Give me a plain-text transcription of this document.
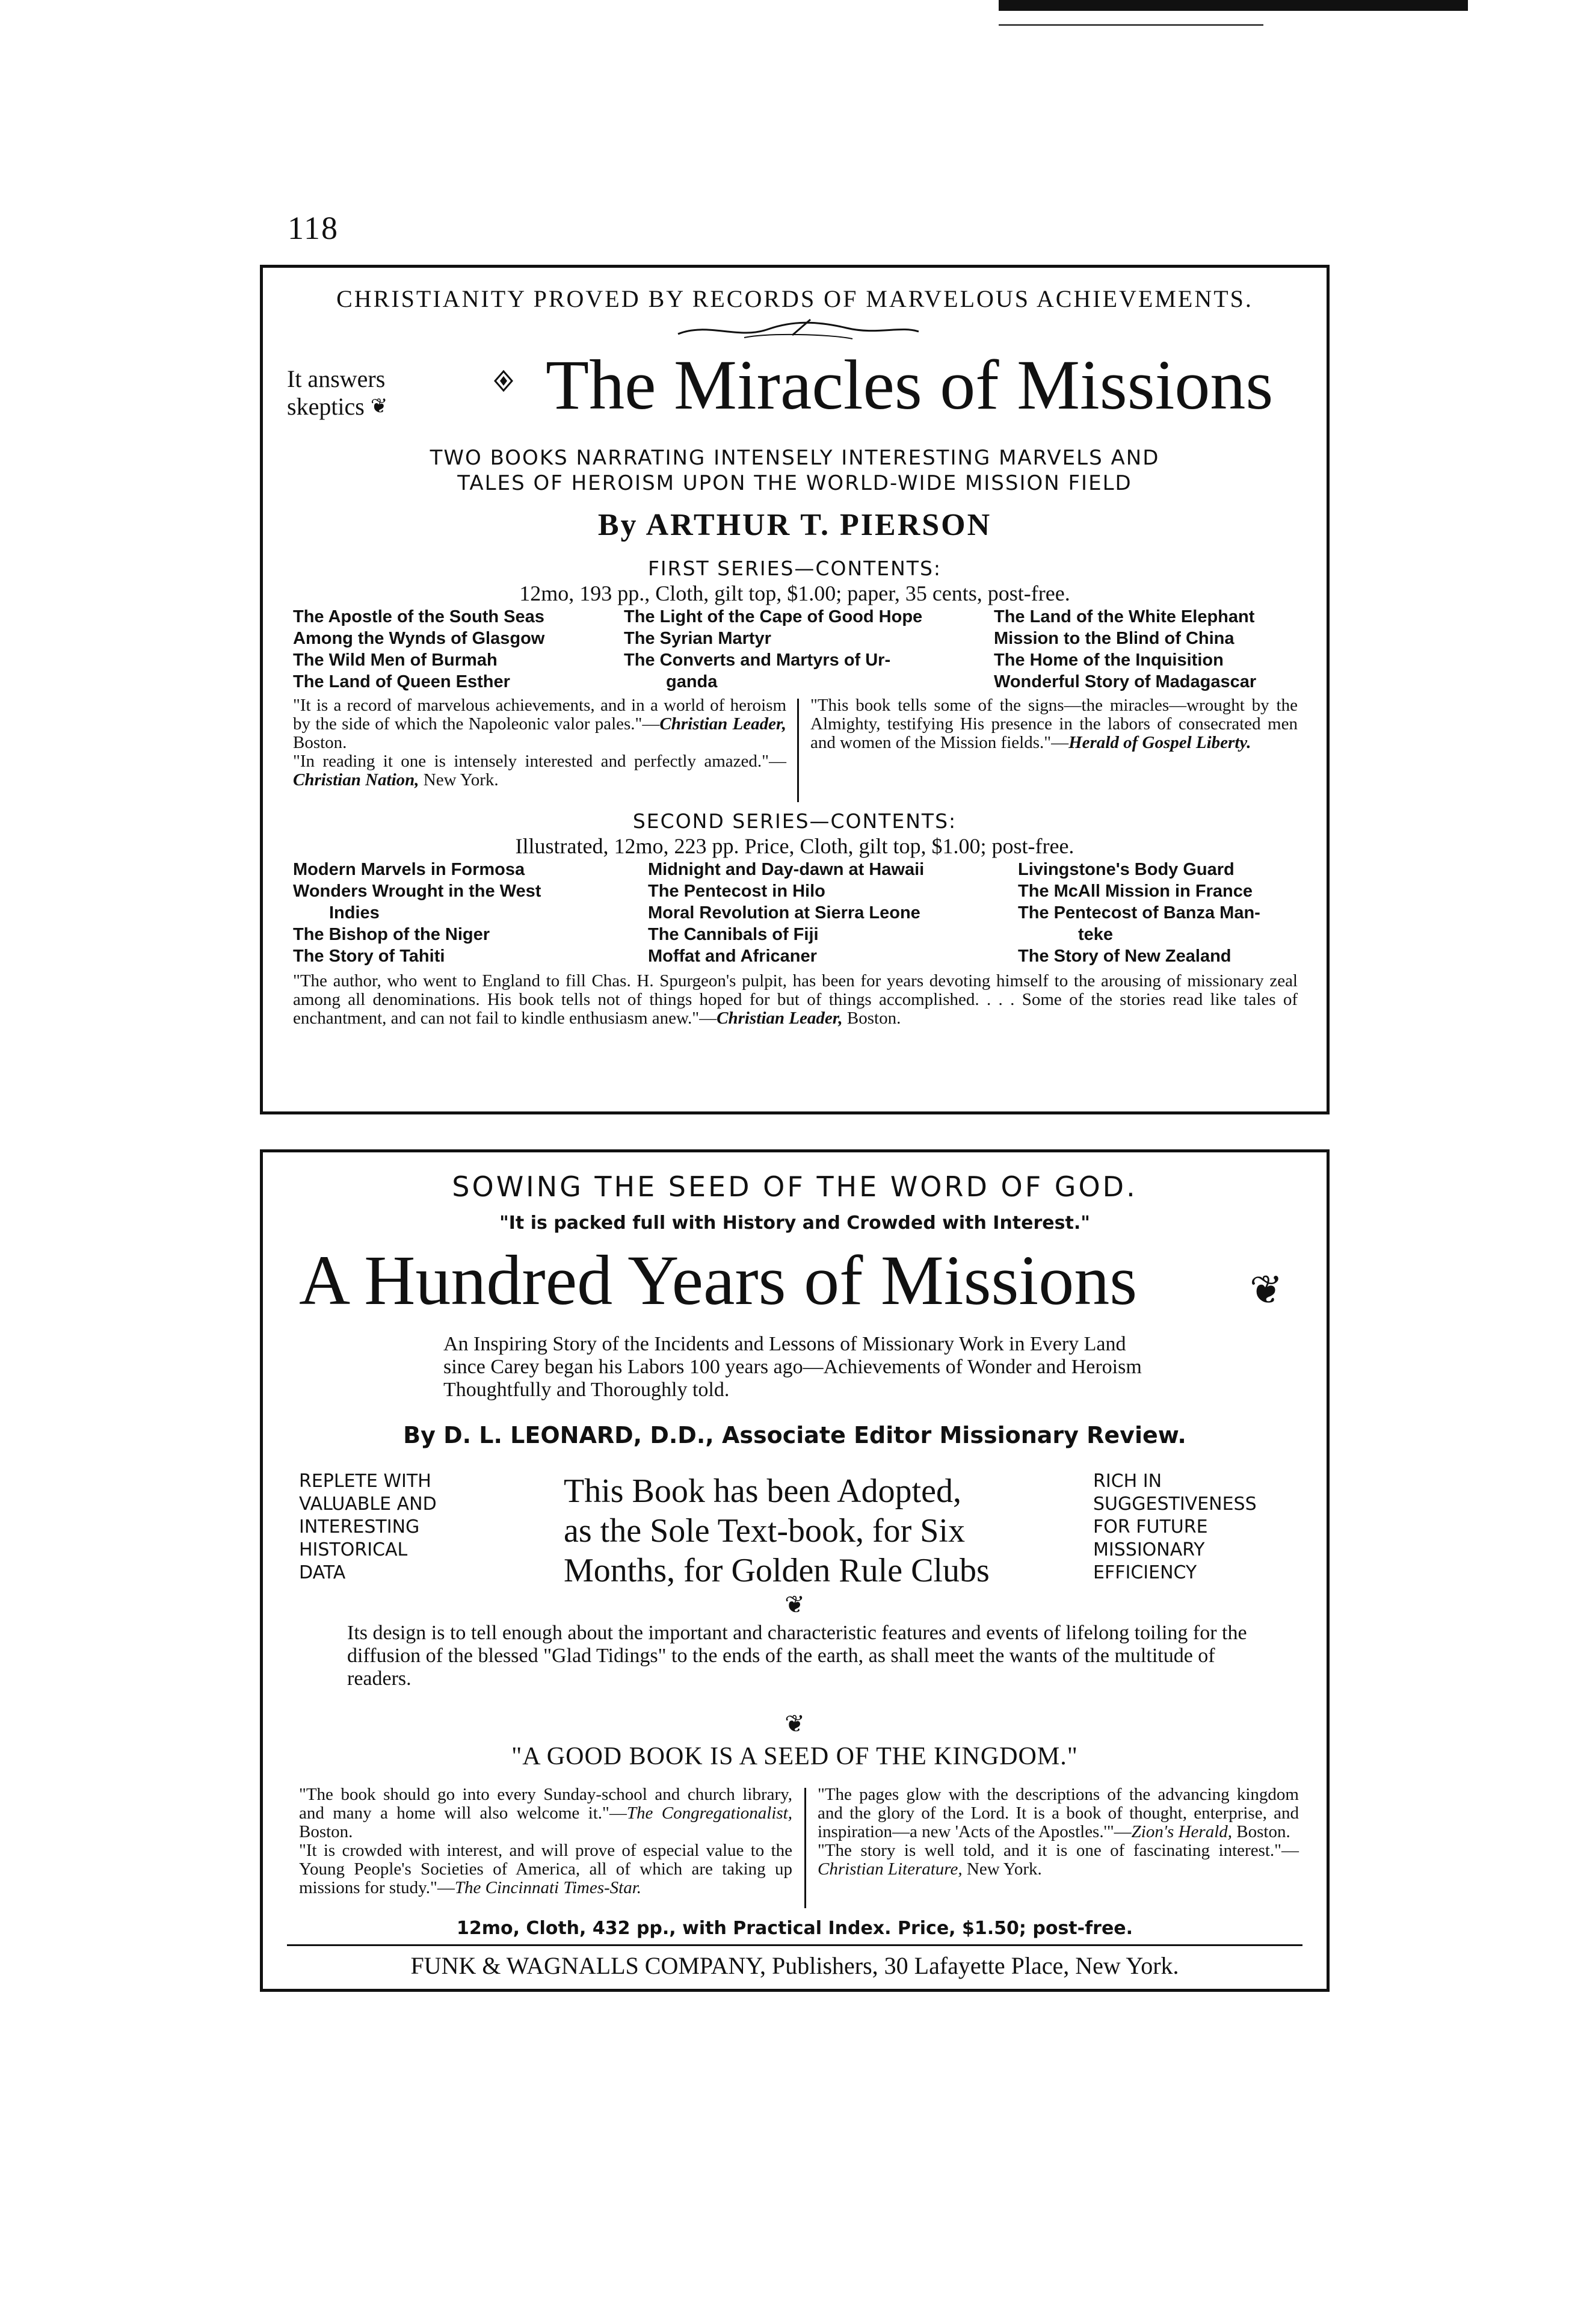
118
CHRISTIANITY PROVED BY RECORDS OF MARVELOUS ACHIEVEMENTS.
It answers
skeptics ❦ The Miracles of Missions
TWO BOOKS NARRATING INTENSELY INTERESTING MARVELS AND
TALES OF HEROISM UPON THE WORLD-WIDE MISSION FIELD
By ARTHUR T. PIERSON
FIRST SERIES—CONTENTS:
12mo, 193 pp., Cloth, gilt top, $1.00; paper, 35 cents, post-free.
The Apostle of the South Seas
Among the Wynds of Glasgow
The Wild Men of Burmah
The Land of Queen Esther
The Light of the Cape of Good Hope
The Syrian Martyr
The Converts and Martyrs of Ur-
ganda
The Land of the White Elephant
Mission to the Blind of China
The Home of the Inquisition
Wonderful Story of Madagascar
"It is a record of marvelous achievements, and in a world of heroism by the side of which the Napoleonic valor pales."—Christian Leader, Boston.
"In reading it one is intensely interested and perfectly amazed."—Christian Nation, New York.
"This book tells some of the signs—the miracles—wrought by the Almighty, testifying His presence in the labors of consecrated men and women of the Mission fields."—Herald of Gospel Liberty.
SECOND SERIES—CONTENTS:
Illustrated, 12mo, 223 pp. Price, Cloth, gilt top, $1.00; post-free.
Modern Marvels in Formosa
Wonders Wrought in the West
Indies
The Bishop of the Niger
The Story of Tahiti
Midnight and Day-dawn at Hawaii
The Pentecost in Hilo
Moral Revolution at Sierra Leone
The Cannibals of Fiji
Moffat and Africaner
Livingstone's Body Guard
The McAll Mission in France
The Pentecost of Banza Man-
teke
The Story of New Zealand
"The author, who went to England to fill Chas. H. Spurgeon's pulpit, has been for years devoting himself to the arousing of missionary zeal among all denominations. His book tells not of things hoped for but of things accomplished. . . . Some of the stories read like tales of enchantment, and can not fail to kindle enthusiasm anew."—Christian Leader, Boston.
SOWING THE SEED OF THE WORD OF GOD.
"It is packed full with History and Crowded with Interest."
A Hundred Years of Missions	❦
An Inspiring Story of the Incidents and Lessons of Missionary Work in Every Land since Carey began his Labors 100 years ago—Achievements of Wonder and Heroism Thoughtfully and Thoroughly told.
By D. L. LEONARD, D.D., Associate Editor Missionary Review.
REPLETE WITH
VALUABLE AND
INTERESTING
HISTORICAL
DATA
This Book has been Adopted,
as the Sole Text-book, for Six
Months, for Golden Rule Clubs
RICH IN
SUGGESTIVENESS
FOR FUTURE
MISSIONARY
EFFICIENCY
❦
Its design is to tell enough about the important and characteristic features and events of lifelong toiling for the diffusion of the blessed "Glad Tidings" to the ends of the earth, as shall meet the wants of the multitude of readers.
❦
"A GOOD BOOK IS A SEED OF THE KINGDOM."
"The book should go into every Sunday-school and church library, and many a home will also welcome it."—The Congregationalist, Boston.
"It is crowded with interest, and will prove of especial value to the Young People's Societies of America, all of which are taking up missions for study."—The Cincinnati Times-Star.
"The pages glow with the descriptions of the advancing kingdom and the glory of the Lord. It is a book of thought, enterprise, and inspiration—a new 'Acts of the Apostles.'"—Zion's Herald, Boston.
"The story is well told, and it is one of fascinating interest."—Christian Literature, New York.
12mo, Cloth, 432 pp., with Practical Index. Price, $1.50; post-free.
FUNK & WAGNALLS COMPANY, Publishers, 30 Lafayette Place, New York.
